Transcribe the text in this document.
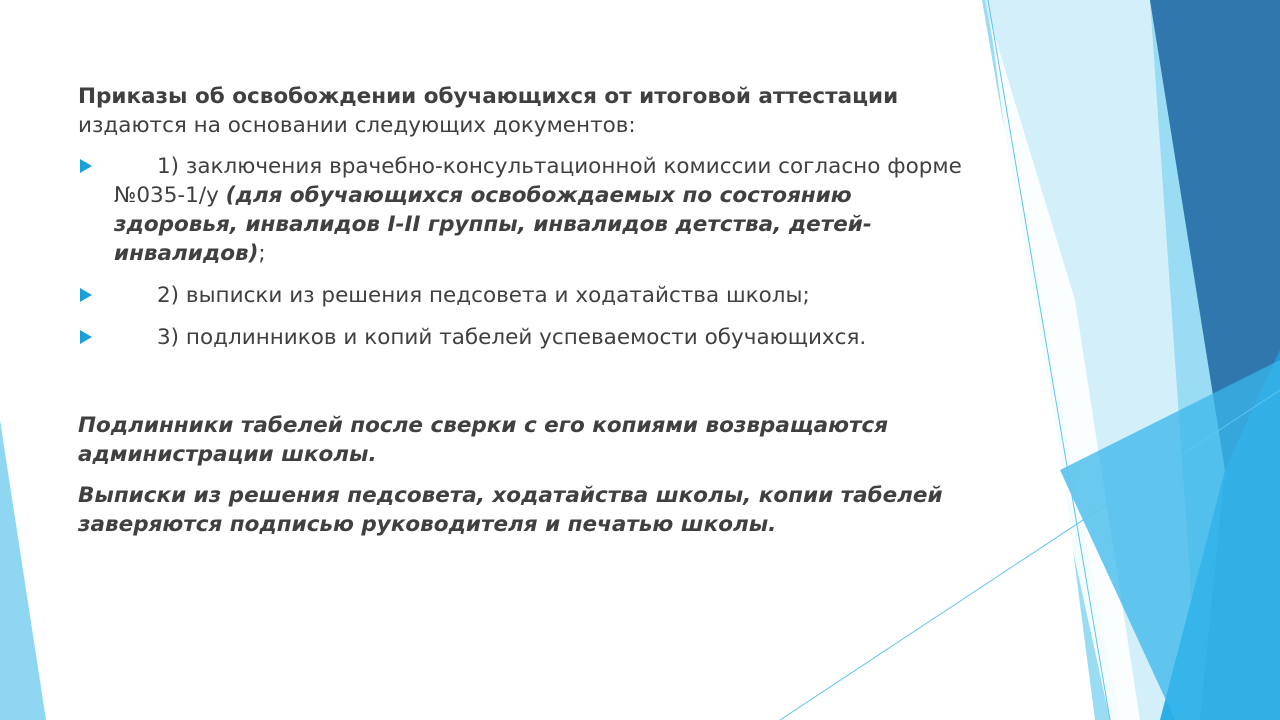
Приказы об освобождении обучающихся от итоговой аттестации издаются на основании следующих документов:

1) заключения врачебно-консультационной комиссии согласно форме №035-1/у (для обучающихся освобождаемых по состоянию здоровья, инвалидов I-II группы, инвалидов детства, детей-инвалидов);
2) выписки из решения педсовета и ходатайства школы;
3) подлинников и копий табелей успеваемости обучающихся.

Подлинники табелей после сверки с его копиями возвращаются администрации школы.

Выписки из решения педсовета, ходатайства школы, копии табелей заверяются подписью руководителя и печатью школы.
